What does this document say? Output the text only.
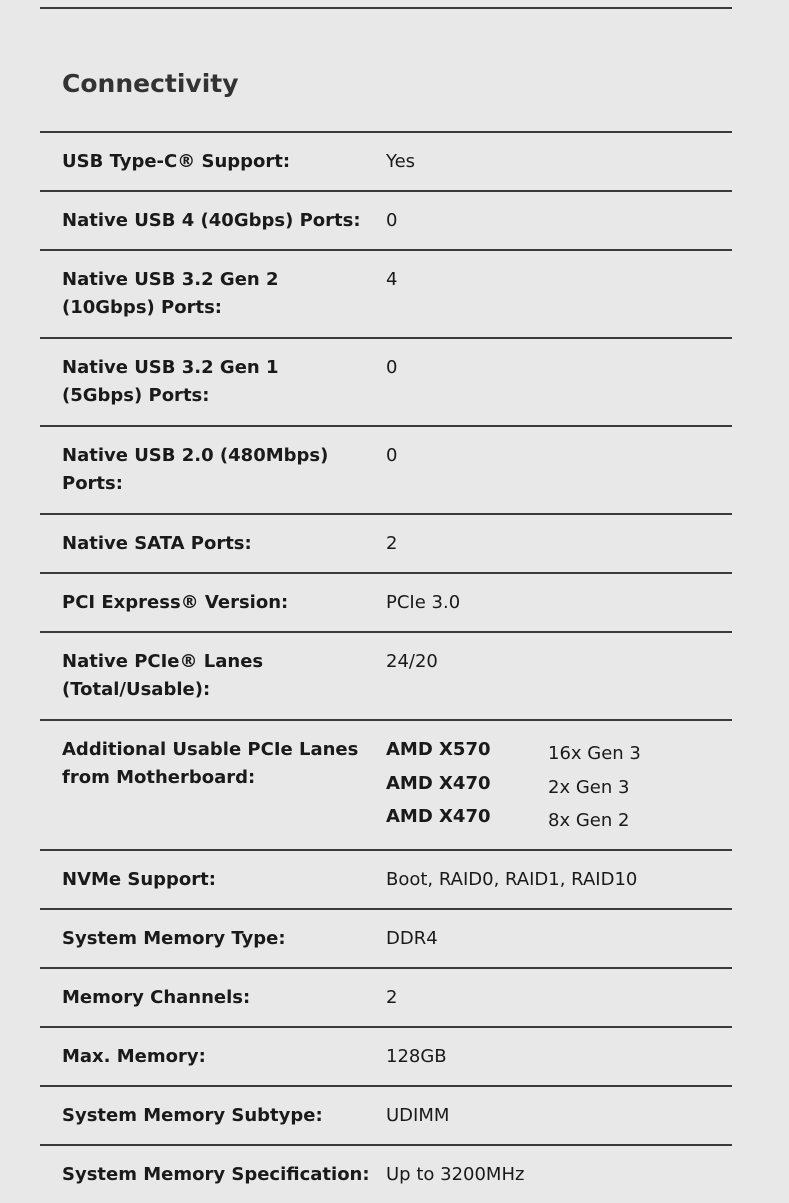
Connectivity
USB Type-C® Support:	Yes
Native USB 4 (40Gbps) Ports: 0
Native USB 3.2 Gen 2 (10Gbps) Ports:
4
Native USB 3.2 Gen 1 (5Gbps) Ports:
0
Native USB 2.0 (480Mbps) Ports:
0
Native SATA Ports:	2
PCI Express® Version:	PCIe 3.0
Native PCIe® Lanes (Total/Usable):
24/20
Additional Usable PCIe Lanes from Motherboard:
AMD X570	16x Gen 3
AMD X470	2x Gen 3
AMD X470	8x Gen 2
NVMe Support:	Boot, RAID0, RAID1, RAID10
System Memory Type:	DDR4
Memory Channels:	2
Max. Memory:	128GB
System Memory Subtype:	UDIMM
System Memory Specification: Up to 3200MHz
